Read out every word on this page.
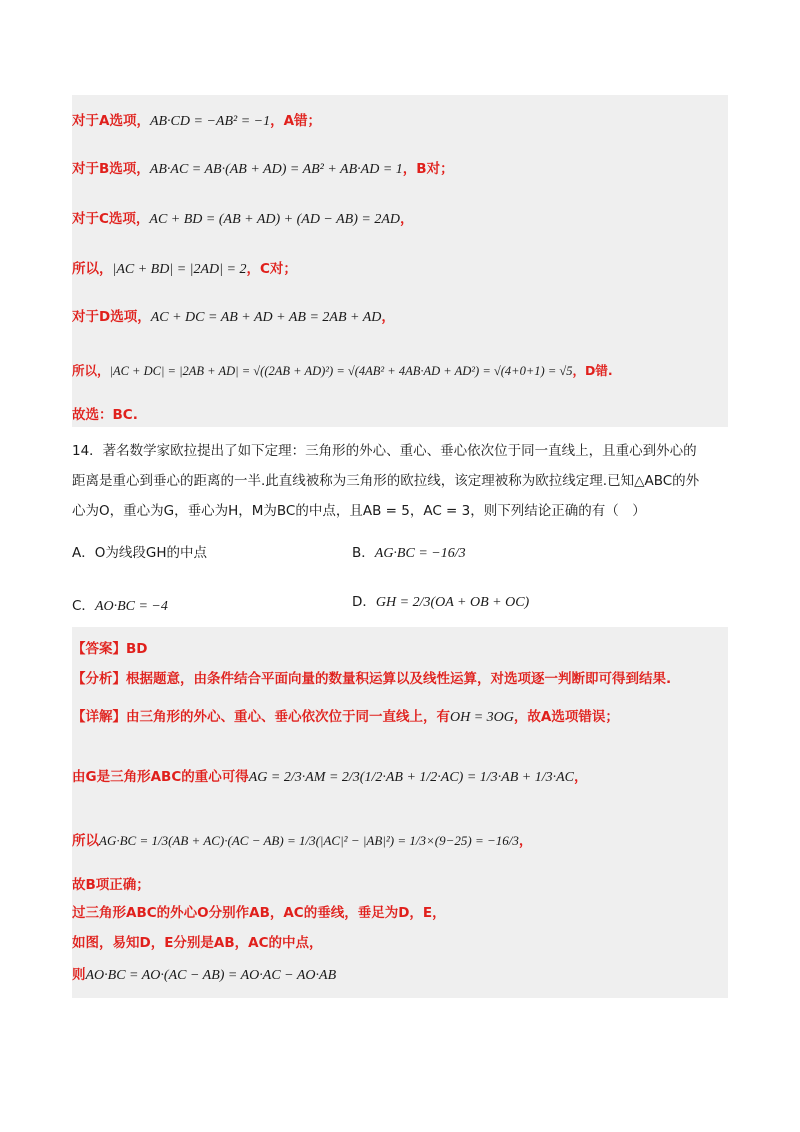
对于A选项，AB·CD = −AB² = −1，A错；
对于B选项，AB·AC = AB·(AB + AD) = AB² + AB·AD = 1，B对；
对于C选项，AC + BD = (AB + AD) + (AD − AB) = 2AD，
所以，|AC + BD| = |2AD| = 2，C对；
对于D选项，AC + DC = AB + AD + AB = 2AB + AD，
所以，|AC + DC| = |2AB + AD| = √((2AB + AD)²) = √(4AB² + 4AB·AD + AD²) = √(4+0+1) = √5，D错.
故选：BC.
14．著名数学家欧拉提出了如下定理：三角形的外心、重心、垂心依次位于同一直线上，且重心到外心的
距离是重心到垂心的距离的一半.此直线被称为三角形的欧拉线，该定理被称为欧拉线定理.已知△ABC的外
心为O，重心为G，垂心为H，M为BC的中点，且AB = 5，AC = 3，则下列结论正确的有（　）
A．O为线段GH的中点	B．AG·BC = −16/3
C．AO·BC = −4	D．GH = 2/3(OA + OB + OC)
【答案】BD
【分析】根据题意，由条件结合平面向量的数量积运算以及线性运算，对选项逐一判断即可得到结果.
【详解】由三角形的外心、重心、垂心依次位于同一直线上，有OH = 3OG，故A选项错误；
由G是三角形ABC的重心可得AG = 2/3·AM = 2/3(1/2·AB + 1/2·AC) = 1/3·AB + 1/3·AC，
所以AG·BC = 1/3(AB + AC)·(AC − AB) = 1/3(|AC|² − |AB|²) = 1/3×(9−25) = −16/3，
故B项正确；
过三角形ABC的外心O分别作AB，AC的垂线，垂足为D，E，
如图，易知D，E分别是AB，AC的中点，
则AO·BC = AO·(AC − AB) = AO·AC − AO·AB
